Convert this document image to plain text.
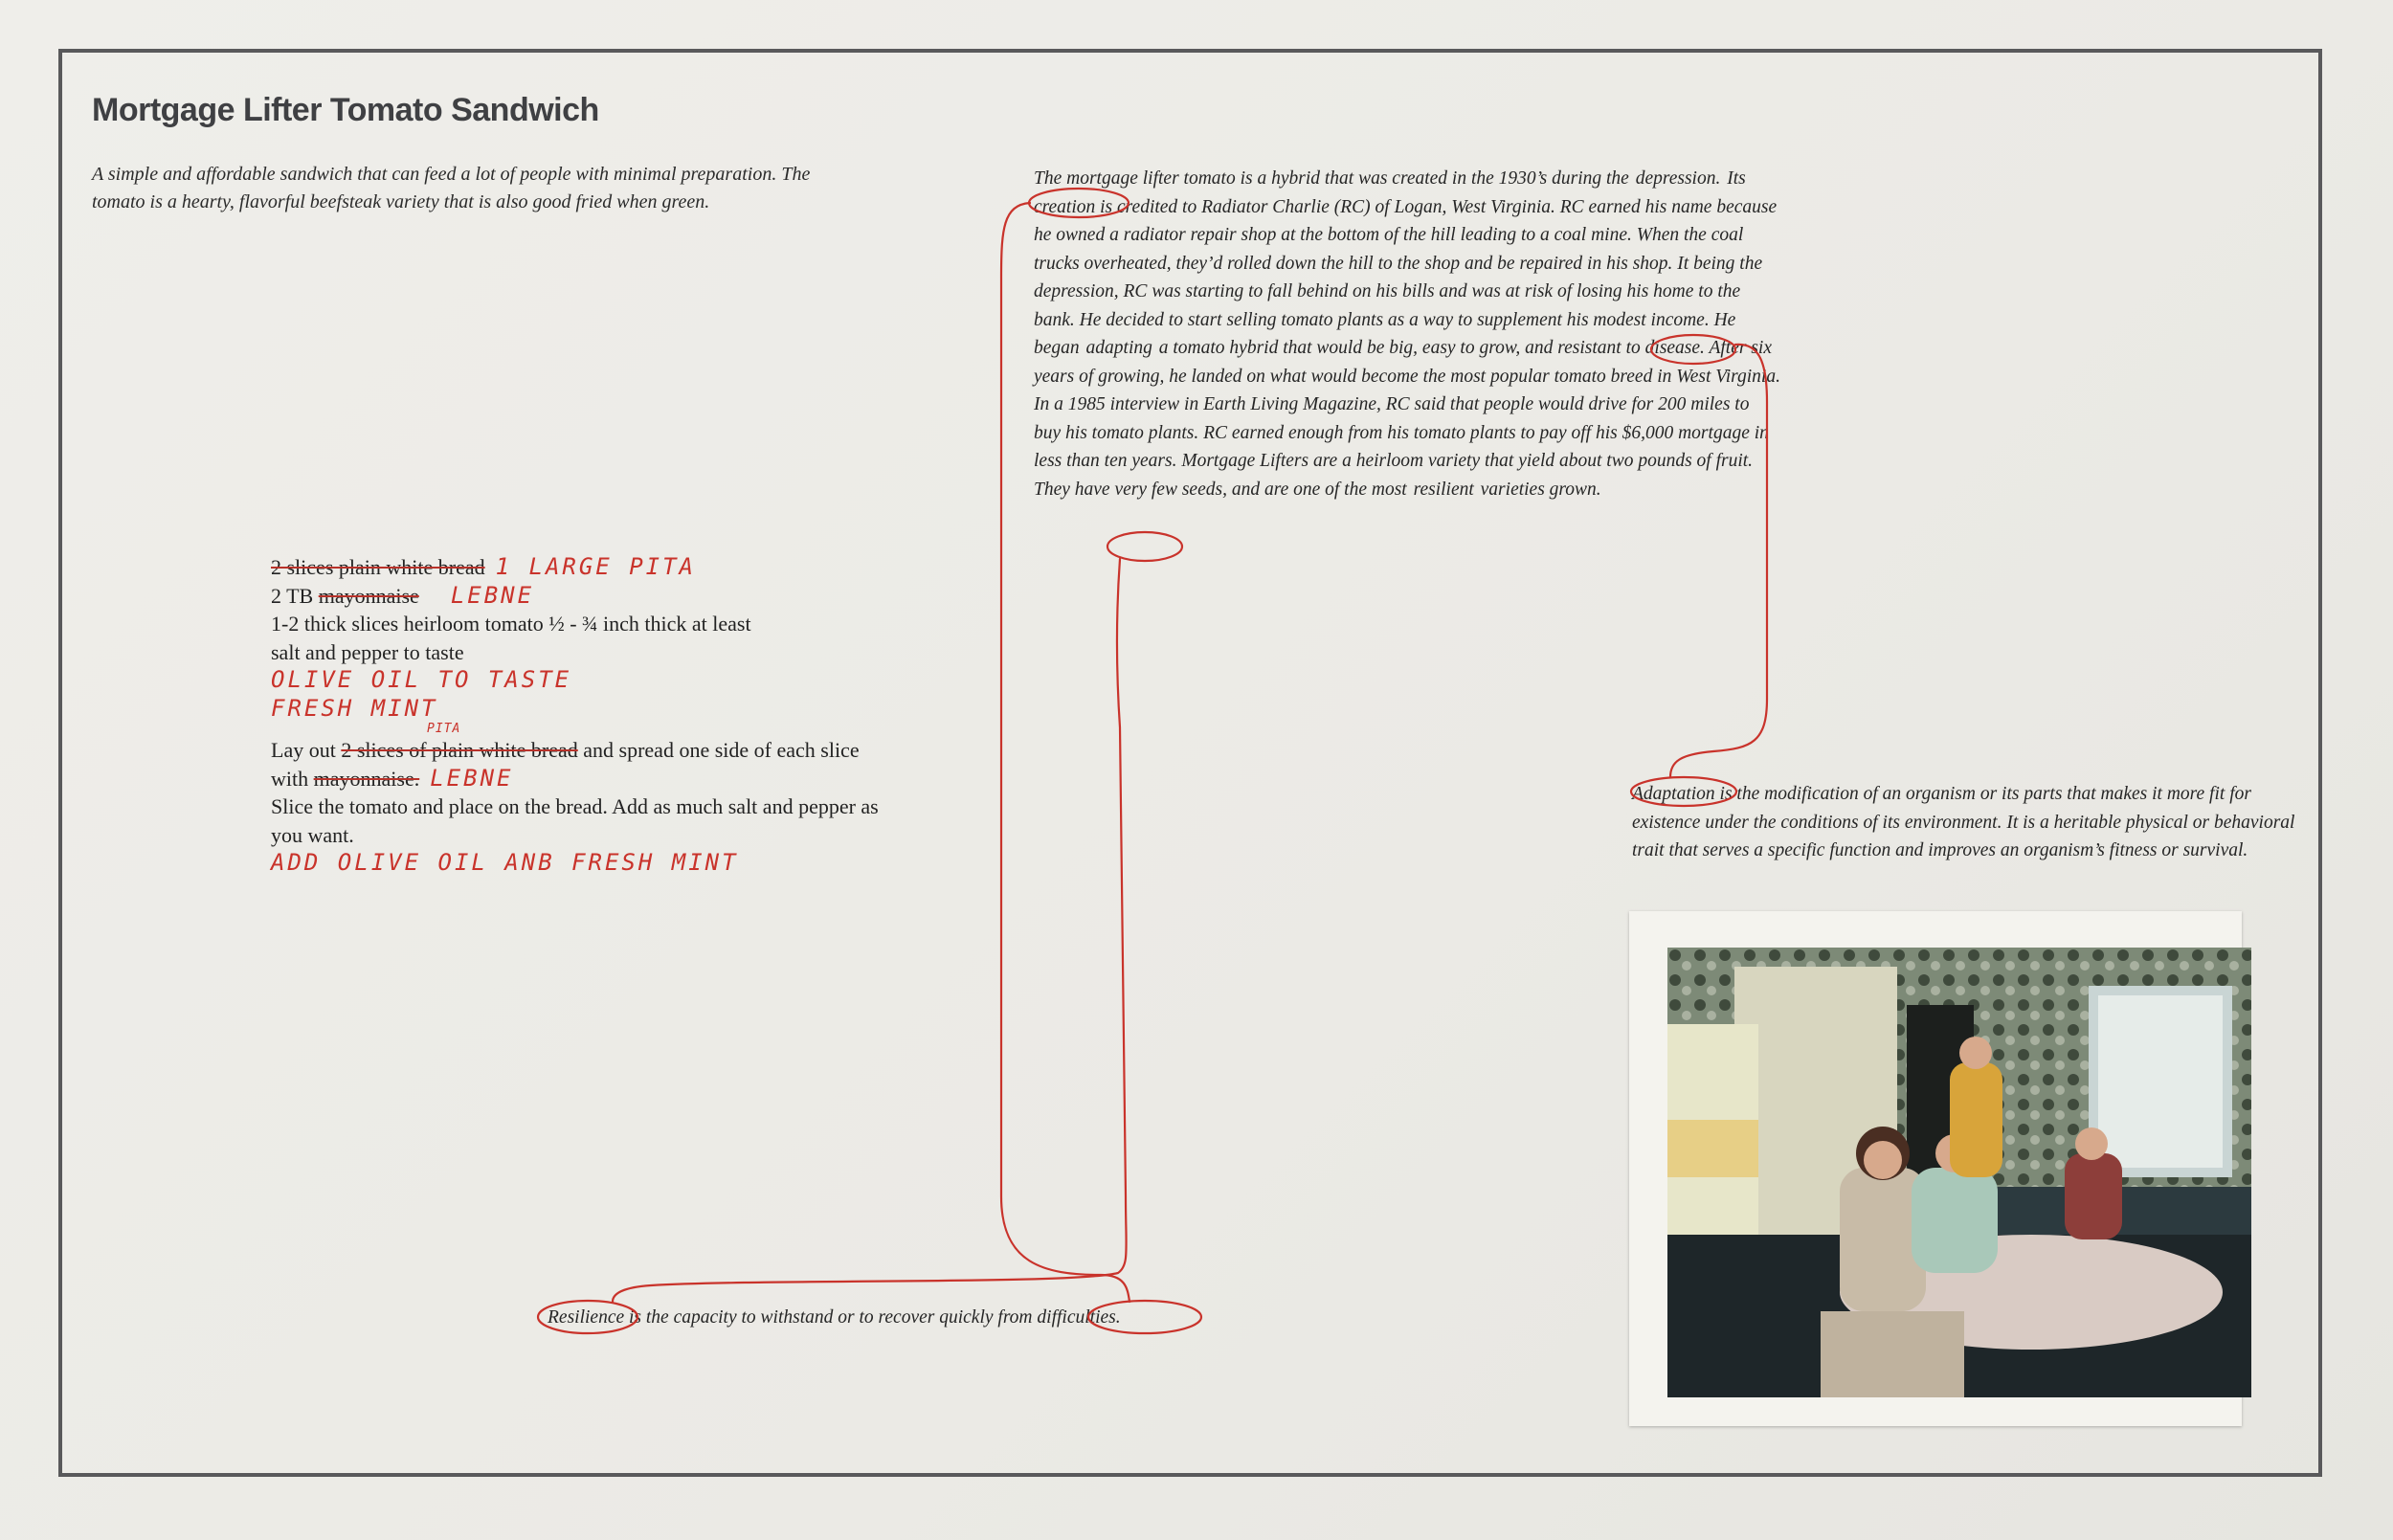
Mortgage Lifter Tomato Sandwich

A simple and affordable sandwich that can feed a lot of people with minimal preparation. The tomato is a hearty, flavorful beefsteak variety that is also good fried when green.

2 slices plain white bread 1 LARGE PITA
2 TB mayonnaise LEBNE
1-2 thick slices heirloom tomato ½ - ¾ inch thick at least
salt and pepper to taste
OLIVE OIL TO TASTE
FRESH MINT
PITA

Lay out 2 slices of plain white bread and spread one side of each slice with mayonnaise. LEBNE

Slice the tomato and place on the bread. Add as much salt and pepper as you want.

ADD OLIVE OIL ANB FRESH MINT

The mortgage lifter tomato is a hybrid that was created in the 1930’s during the depression. Its creation is credited to Radiator Charlie (RC) of Logan, West Virginia. RC earned his name because he owned a radiator repair shop at the bottom of the hill leading to a coal mine. When the coal trucks overheated, they’d rolled down the hill to the shop and be repaired in his shop. It being the depression, RC was starting to fall behind on his bills and was at risk of losing his home to the bank. He decided to start selling tomato plants as a way to supplement his modest income. He began adapting a tomato hybrid that would be big, easy to grow, and resistant to disease. After six years of growing, he landed on what would become the most popular tomato breed in West Virginia. In a 1985 interview in Earth Living Magazine, RC said that people would drive for 200 miles to buy his tomato plants. RC earned enough from his tomato plants to pay off his $6,000 mortgage in less than ten years. Mortgage Lifters are a heirloom variety that yield about two pounds of fruit. They have very few seeds, and are one of the most resilient varieties grown.

Adaptation is the modification of an organism or its parts that makes it more fit for existence under the conditions of its environment. It is a heritable physical or behavioral trait that serves a specific function and improves an organism’s fitness or survival.

Resilience is the capacity to withstand or to recover quickly from difficulties.
